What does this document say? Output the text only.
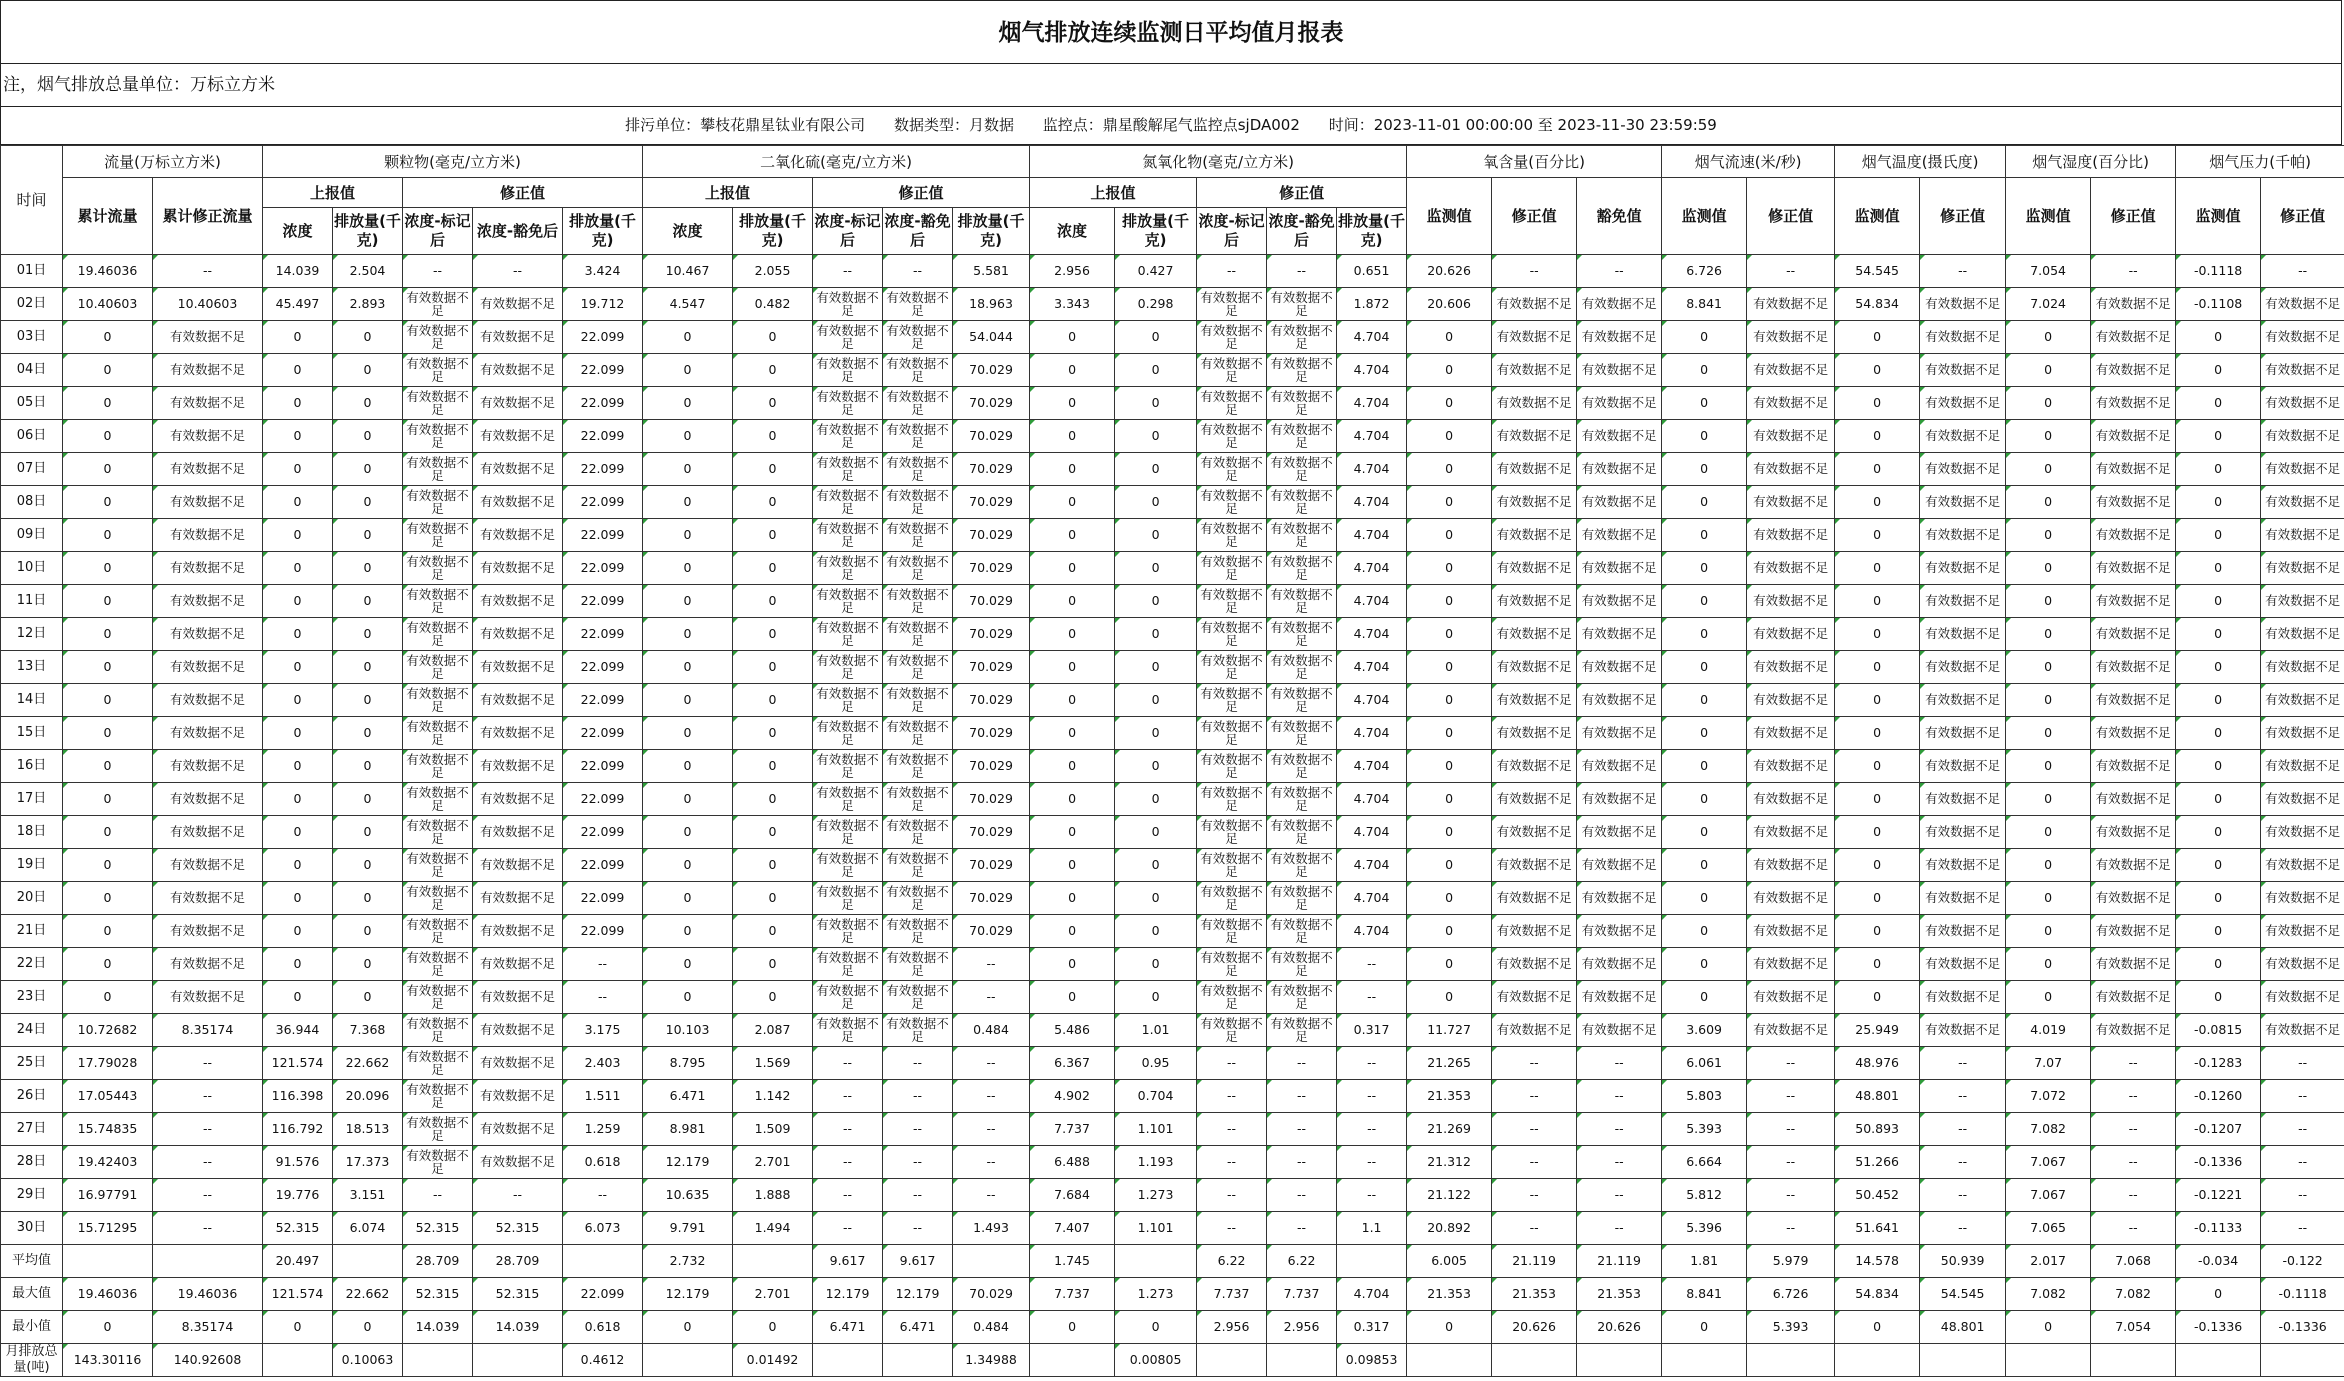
烟气排放连续监测日平均值月报表
注，烟气排放总量单位：万标立方米
排污单位：攀枝花鼎星钛业有限公司 数据类型：月数据 监控点：鼎星酸解尾气监控点sjDA002 时间：2023-11-01 00:00:00 至 2023-11-30 23:59:59
时间	流量(万标立方米)		颗粒物(毫克/立方米)					二氧化硫(毫克/立方米)					氮氧化物(毫克/立方米)					氧含量(百分比)			烟气流速(米/秒)		烟气温度(摄氏度)		烟气湿度(百分比)		烟气压力(千帕)	
	累计流量	累计修正流量	上报值		修正值			上报值		修正值			上报值		修正值			监测值	修正值	豁免值	监测值	修正值	监测值	修正值	监测值	修正值	监测值	修正值
			浓度	排放量(千克)	浓度-标记后	浓度-豁免后	排放量(千克)	浓度	排放量(千克)	浓度-标记后	浓度-豁免后	排放量(千克)	浓度	排放量(千克)	浓度-标记后	浓度-豁免后	排放量(千克)											
01日	19.46036	--	14.039	2.504	--	--	3.424	10.467	2.055	--	--	5.581	2.956	0.427	--	--	0.651	20.626	--	--	6.726	--	54.545	--	7.054	--	-0.1118	--
02日	10.40603	10.40603	45.497	2.893	有效数据不足	有效数据不足	19.712	4.547	0.482	有效数据不足	有效数据不足	18.963	3.343	0.298	有效数据不足	有效数据不足	1.872	20.606	有效数据不足	有效数据不足	8.841	有效数据不足	54.834	有效数据不足	7.024	有效数据不足	-0.1108	有效数据不足
03日	0	有效数据不足	0	0	有效数据不足	有效数据不足	22.099	0	0	有效数据不足	有效数据不足	54.044	0	0	有效数据不足	有效数据不足	4.704	0	有效数据不足	有效数据不足	0	有效数据不足	0	有效数据不足	0	有效数据不足	0	有效数据不足
04日	0	有效数据不足	0	0	有效数据不足	有效数据不足	22.099	0	0	有效数据不足	有效数据不足	70.029	0	0	有效数据不足	有效数据不足	4.704	0	有效数据不足	有效数据不足	0	有效数据不足	0	有效数据不足	0	有效数据不足	0	有效数据不足
05日	0	有效数据不足	0	0	有效数据不足	有效数据不足	22.099	0	0	有效数据不足	有效数据不足	70.029	0	0	有效数据不足	有效数据不足	4.704	0	有效数据不足	有效数据不足	0	有效数据不足	0	有效数据不足	0	有效数据不足	0	有效数据不足
06日	0	有效数据不足	0	0	有效数据不足	有效数据不足	22.099	0	0	有效数据不足	有效数据不足	70.029	0	0	有效数据不足	有效数据不足	4.704	0	有效数据不足	有效数据不足	0	有效数据不足	0	有效数据不足	0	有效数据不足	0	有效数据不足
07日	0	有效数据不足	0	0	有效数据不足	有效数据不足	22.099	0	0	有效数据不足	有效数据不足	70.029	0	0	有效数据不足	有效数据不足	4.704	0	有效数据不足	有效数据不足	0	有效数据不足	0	有效数据不足	0	有效数据不足	0	有效数据不足
08日	0	有效数据不足	0	0	有效数据不足	有效数据不足	22.099	0	0	有效数据不足	有效数据不足	70.029	0	0	有效数据不足	有效数据不足	4.704	0	有效数据不足	有效数据不足	0	有效数据不足	0	有效数据不足	0	有效数据不足	0	有效数据不足
09日	0	有效数据不足	0	0	有效数据不足	有效数据不足	22.099	0	0	有效数据不足	有效数据不足	70.029	0	0	有效数据不足	有效数据不足	4.704	0	有效数据不足	有效数据不足	0	有效数据不足	0	有效数据不足	0	有效数据不足	0	有效数据不足
10日	0	有效数据不足	0	0	有效数据不足	有效数据不足	22.099	0	0	有效数据不足	有效数据不足	70.029	0	0	有效数据不足	有效数据不足	4.704	0	有效数据不足	有效数据不足	0	有效数据不足	0	有效数据不足	0	有效数据不足	0	有效数据不足
11日	0	有效数据不足	0	0	有效数据不足	有效数据不足	22.099	0	0	有效数据不足	有效数据不足	70.029	0	0	有效数据不足	有效数据不足	4.704	0	有效数据不足	有效数据不足	0	有效数据不足	0	有效数据不足	0	有效数据不足	0	有效数据不足
12日	0	有效数据不足	0	0	有效数据不足	有效数据不足	22.099	0	0	有效数据不足	有效数据不足	70.029	0	0	有效数据不足	有效数据不足	4.704	0	有效数据不足	有效数据不足	0	有效数据不足	0	有效数据不足	0	有效数据不足	0	有效数据不足
13日	0	有效数据不足	0	0	有效数据不足	有效数据不足	22.099	0	0	有效数据不足	有效数据不足	70.029	0	0	有效数据不足	有效数据不足	4.704	0	有效数据不足	有效数据不足	0	有效数据不足	0	有效数据不足	0	有效数据不足	0	有效数据不足
14日	0	有效数据不足	0	0	有效数据不足	有效数据不足	22.099	0	0	有效数据不足	有效数据不足	70.029	0	0	有效数据不足	有效数据不足	4.704	0	有效数据不足	有效数据不足	0	有效数据不足	0	有效数据不足	0	有效数据不足	0	有效数据不足
15日	0	有效数据不足	0	0	有效数据不足	有效数据不足	22.099	0	0	有效数据不足	有效数据不足	70.029	0	0	有效数据不足	有效数据不足	4.704	0	有效数据不足	有效数据不足	0	有效数据不足	0	有效数据不足	0	有效数据不足	0	有效数据不足
16日	0	有效数据不足	0	0	有效数据不足	有效数据不足	22.099	0	0	有效数据不足	有效数据不足	70.029	0	0	有效数据不足	有效数据不足	4.704	0	有效数据不足	有效数据不足	0	有效数据不足	0	有效数据不足	0	有效数据不足	0	有效数据不足
17日	0	有效数据不足	0	0	有效数据不足	有效数据不足	22.099	0	0	有效数据不足	有效数据不足	70.029	0	0	有效数据不足	有效数据不足	4.704	0	有效数据不足	有效数据不足	0	有效数据不足	0	有效数据不足	0	有效数据不足	0	有效数据不足
18日	0	有效数据不足	0	0	有效数据不足	有效数据不足	22.099	0	0	有效数据不足	有效数据不足	70.029	0	0	有效数据不足	有效数据不足	4.704	0	有效数据不足	有效数据不足	0	有效数据不足	0	有效数据不足	0	有效数据不足	0	有效数据不足
19日	0	有效数据不足	0	0	有效数据不足	有效数据不足	22.099	0	0	有效数据不足	有效数据不足	70.029	0	0	有效数据不足	有效数据不足	4.704	0	有效数据不足	有效数据不足	0	有效数据不足	0	有效数据不足	0	有效数据不足	0	有效数据不足
20日	0	有效数据不足	0	0	有效数据不足	有效数据不足	22.099	0	0	有效数据不足	有效数据不足	70.029	0	0	有效数据不足	有效数据不足	4.704	0	有效数据不足	有效数据不足	0	有效数据不足	0	有效数据不足	0	有效数据不足	0	有效数据不足
21日	0	有效数据不足	0	0	有效数据不足	有效数据不足	22.099	0	0	有效数据不足	有效数据不足	70.029	0	0	有效数据不足	有效数据不足	4.704	0	有效数据不足	有效数据不足	0	有效数据不足	0	有效数据不足	0	有效数据不足	0	有效数据不足
22日	0	有效数据不足	0	0	有效数据不足	有效数据不足	--	0	0	有效数据不足	有效数据不足	--	0	0	有效数据不足	有效数据不足	--	0	有效数据不足	有效数据不足	0	有效数据不足	0	有效数据不足	0	有效数据不足	0	有效数据不足
23日	0	有效数据不足	0	0	有效数据不足	有效数据不足	--	0	0	有效数据不足	有效数据不足	--	0	0	有效数据不足	有效数据不足	--	0	有效数据不足	有效数据不足	0	有效数据不足	0	有效数据不足	0	有效数据不足	0	有效数据不足
24日	10.72682	8.35174	36.944	7.368	有效数据不足	有效数据不足	3.175	10.103	2.087	有效数据不足	有效数据不足	0.484	5.486	1.01	有效数据不足	有效数据不足	0.317	11.727	有效数据不足	有效数据不足	3.609	有效数据不足	25.949	有效数据不足	4.019	有效数据不足	-0.0815	有效数据不足
25日	17.79028	--	121.574	22.662	有效数据不足	有效数据不足	2.403	8.795	1.569	--	--	--	6.367	0.95	--	--	--	21.265	--	--	6.061	--	48.976	--	7.07	--	-0.1283	--
26日	17.05443	--	116.398	20.096	有效数据不足	有效数据不足	1.511	6.471	1.142	--	--	--	4.902	0.704	--	--	--	21.353	--	--	5.803	--	48.801	--	7.072	--	-0.1260	--
27日	15.74835	--	116.792	18.513	有效数据不足	有效数据不足	1.259	8.981	1.509	--	--	--	7.737	1.101	--	--	--	21.269	--	--	5.393	--	50.893	--	7.082	--	-0.1207	--
28日	19.42403	--	91.576	17.373	有效数据不足	有效数据不足	0.618	12.179	2.701	--	--	--	6.488	1.193	--	--	--	21.312	--	--	6.664	--	51.266	--	7.067	--	-0.1336	--
29日	16.97791	--	19.776	3.151	--	--	--	10.635	1.888	--	--	--	7.684	1.273	--	--	--	21.122	--	--	5.812	--	50.452	--	7.067	--	-0.1221	--
30日	15.71295	--	52.315	6.074	52.315	52.315	6.073	9.791	1.494	--	--	1.493	7.407	1.101	--	--	1.1	20.892	--	--	5.396	--	51.641	--	7.065	--	-0.1133	--
平均值			20.497		28.709	28.709		2.732		9.617	9.617		1.745		6.22	6.22		6.005	21.119	21.119	1.81	5.979	14.578	50.939	2.017	7.068	-0.034	-0.122
最大值	19.46036	19.46036	121.574	22.662	52.315	52.315	22.099	12.179	2.701	12.179	12.179	70.029	7.737	1.273	7.737	7.737	4.704	21.353	21.353	21.353	8.841	6.726	54.834	54.545	7.082	7.082	0	-0.1118
最小值	0	8.35174	0	0	14.039	14.039	0.618	0	0	6.471	6.471	0.484	0	0	2.956	2.956	0.317	0	20.626	20.626	0	5.393	0	48.801	0	7.054	-0.1336	-0.1336
月排放总量(吨)	143.30116	140.92608		0.10063			0.4612		0.01492			1.34988		0.00805			0.09853											
